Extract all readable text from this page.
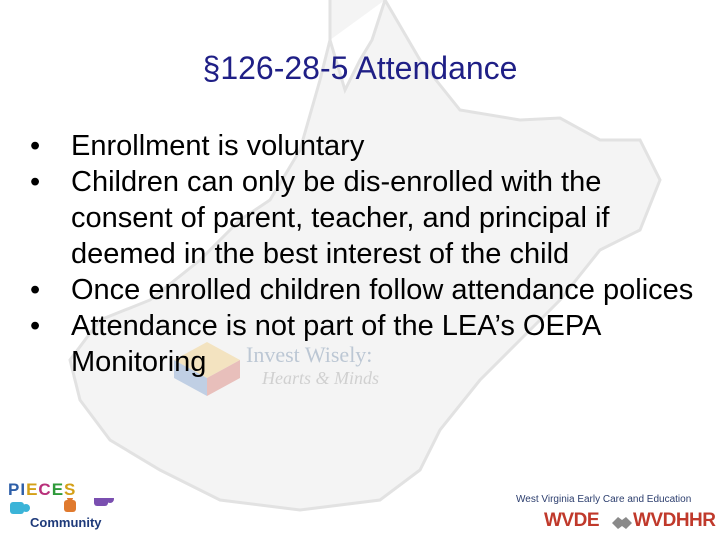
Invest Wisely:
Hearts & Minds
§126-28-5 Attendance
•	Enrollment is voluntary
•	Children can only be dis-enrolled with the consent of parent, teacher, and principal if deemed in the best interest of the child
•	Once enrolled children follow attendance polices
•	Attendance is not part of the LEA’s OEPA Monitoring
PIECES
Community
West Virginia Early Care and Education
WVDE WVDHHR
